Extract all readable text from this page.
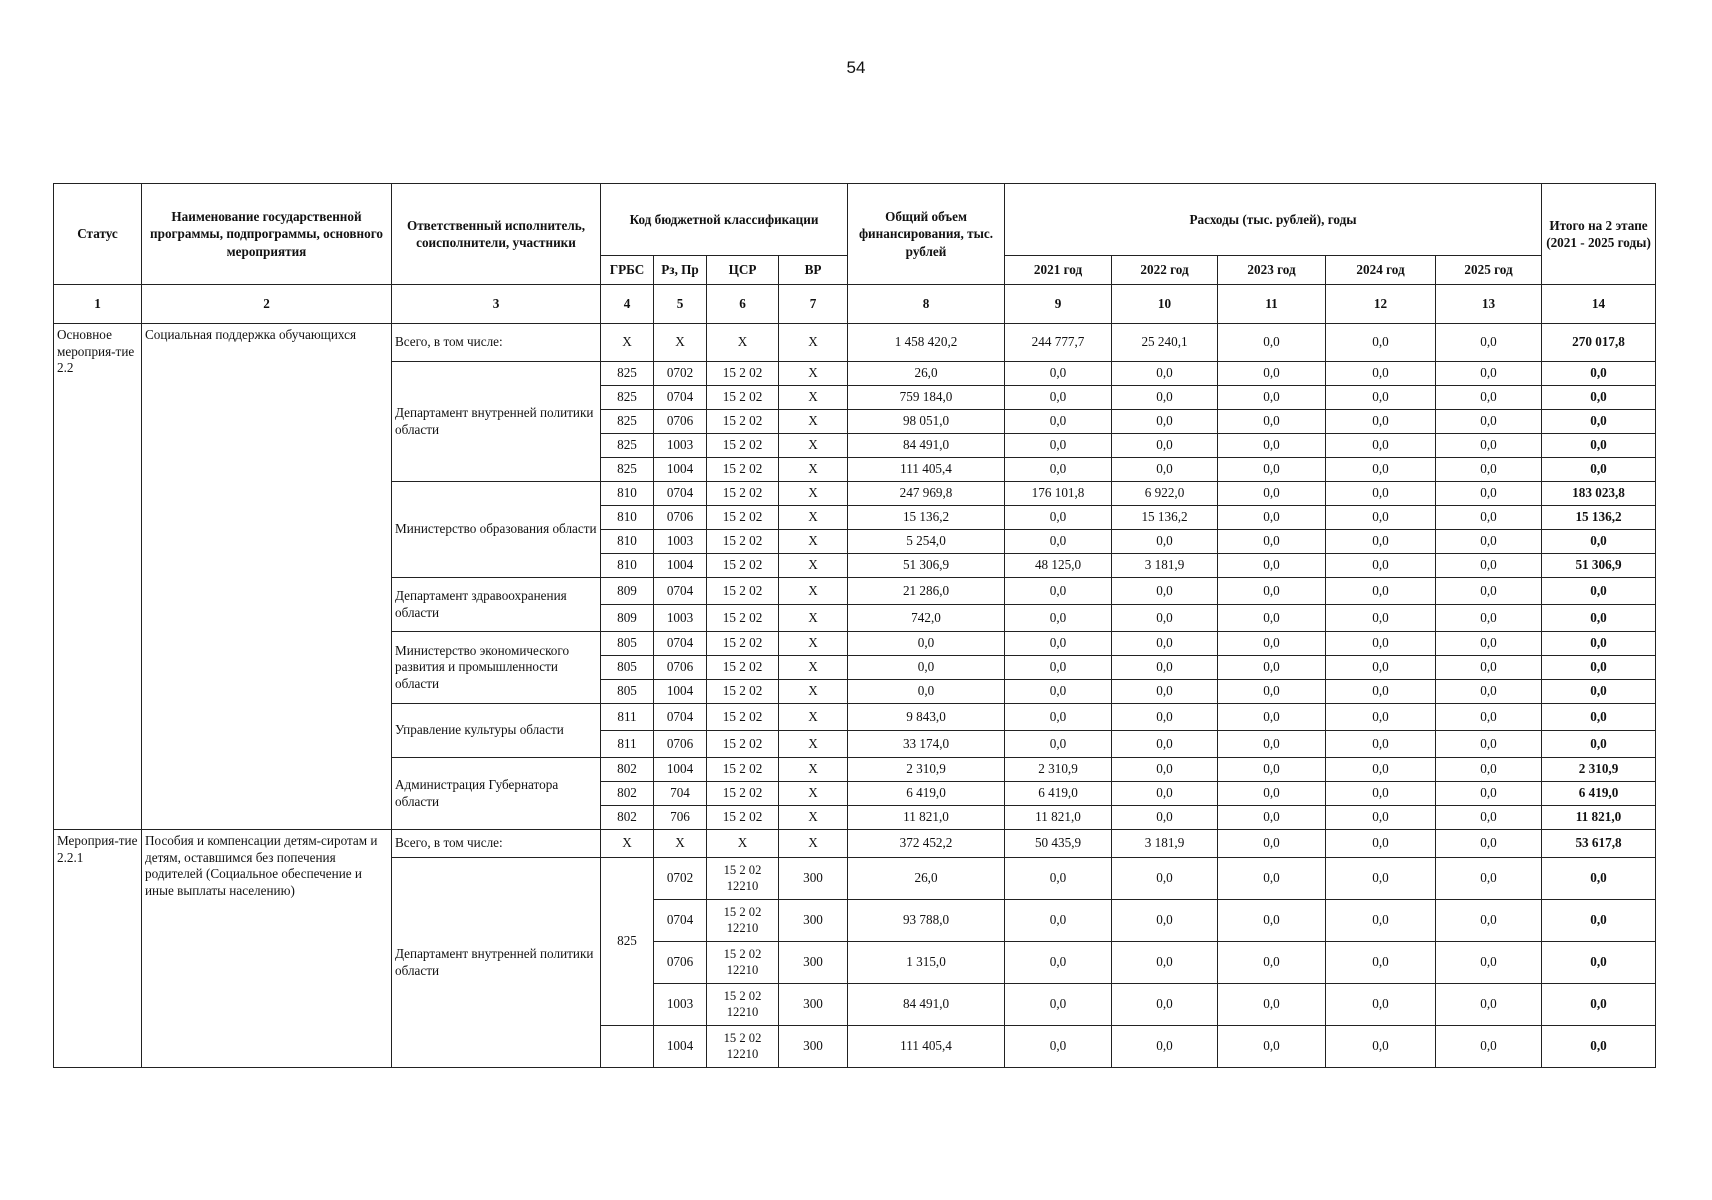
54
Статус	Наименование государственной программы, подпрограммы, основного мероприятия	Ответственный исполнитель, соисполнители, участники	Код бюджетной классификации				Общий объем финансирования, тыс. рублей	Расходы (тыс. рублей), годы					Итого на 2 этапе (2021 - 2025 годы)
			ГРБС	Рз, Пр	ЦСР	ВР		2021 год	2022 год	2023 год	2024 год	2025 год	
1	2	3	4	5	6	7	8	9	10	11	12	13	14
Основное мероприя-тие 2.2	Социальная поддержка обучающихся	Всего, в том числе:	X	X	X	X	1 458 420,2	244 777,7	25 240,1	0,0	0,0	0,0	270 017,8
		Департамент внутренней политики области	825	0702	15 2 02	X	26,0	0,0	0,0	0,0	0,0	0,0	0,0
			825	0704	15 2 02	X	759 184,0	0,0	0,0	0,0	0,0	0,0	0,0
			825	0706	15 2 02	X	98 051,0	0,0	0,0	0,0	0,0	0,0	0,0
			825	1003	15 2 02	X	84 491,0	0,0	0,0	0,0	0,0	0,0	0,0
			825	1004	15 2 02	X	111 405,4	0,0	0,0	0,0	0,0	0,0	0,0
		Министерство образования области	810	0704	15 2 02	X	247 969,8	176 101,8	6 922,0	0,0	0,0	0,0	183 023,8
			810	0706	15 2 02	X	15 136,2	0,0	15 136,2	0,0	0,0	0,0	15 136,2
			810	1003	15 2 02	X	5 254,0	0,0	0,0	0,0	0,0	0,0	0,0
			810	1004	15 2 02	X	51 306,9	48 125,0	3 181,9	0,0	0,0	0,0	51 306,9
		Департамент здравоохранения области	809	0704	15 2 02	X	21 286,0	0,0	0,0	0,0	0,0	0,0	0,0
			809	1003	15 2 02	X	742,0	0,0	0,0	0,0	0,0	0,0	0,0
		Министерство экономического развития и промышленности области	805	0704	15 2 02	X	0,0	0,0	0,0	0,0	0,0	0,0	0,0
			805	0706	15 2 02	X	0,0	0,0	0,0	0,0	0,0	0,0	0,0
			805	1004	15 2 02	X	0,0	0,0	0,0	0,0	0,0	0,0	0,0
		Управление культуры области	811	0704	15 2 02	X	9 843,0	0,0	0,0	0,0	0,0	0,0	0,0
			811	0706	15 2 02	X	33 174,0	0,0	0,0	0,0	0,0	0,0	0,0
		Администрация Губернатора области	802	1004	15 2 02	X	2 310,9	2 310,9	0,0	0,0	0,0	0,0	2 310,9
			802	704	15 2 02	X	6 419,0	6 419,0	0,0	0,0	0,0	0,0	6 419,0
			802	706	15 2 02	X	11 821,0	11 821,0	0,0	0,0	0,0	0,0	11 821,0
Мероприя-тие 2.2.1	Пособия и компенсации детям-сиротам и детям, оставшимся без попечения родителей (Социальное обеспечение и иные выплаты населению)	Всего, в том числе:	X	X	X	X	372 452,2	50 435,9	3 181,9	0,0	0,0	0,0	53 617,8
		Департамент внутренней политики области	825	0702	15 2 02 12210	300	26,0	0,0	0,0	0,0	0,0	0,0	0,0
				0704	15 2 02 12210	300	93 788,0	0,0	0,0	0,0	0,0	0,0	0,0
				0706	15 2 02 12210	300	1 315,0	0,0	0,0	0,0	0,0	0,0	0,0
				1003	15 2 02 12210	300	84 491,0	0,0	0,0	0,0	0,0	0,0	0,0
				1004	15 2 02 12210	300	111 405,4	0,0	0,0	0,0	0,0	0,0	0,0
